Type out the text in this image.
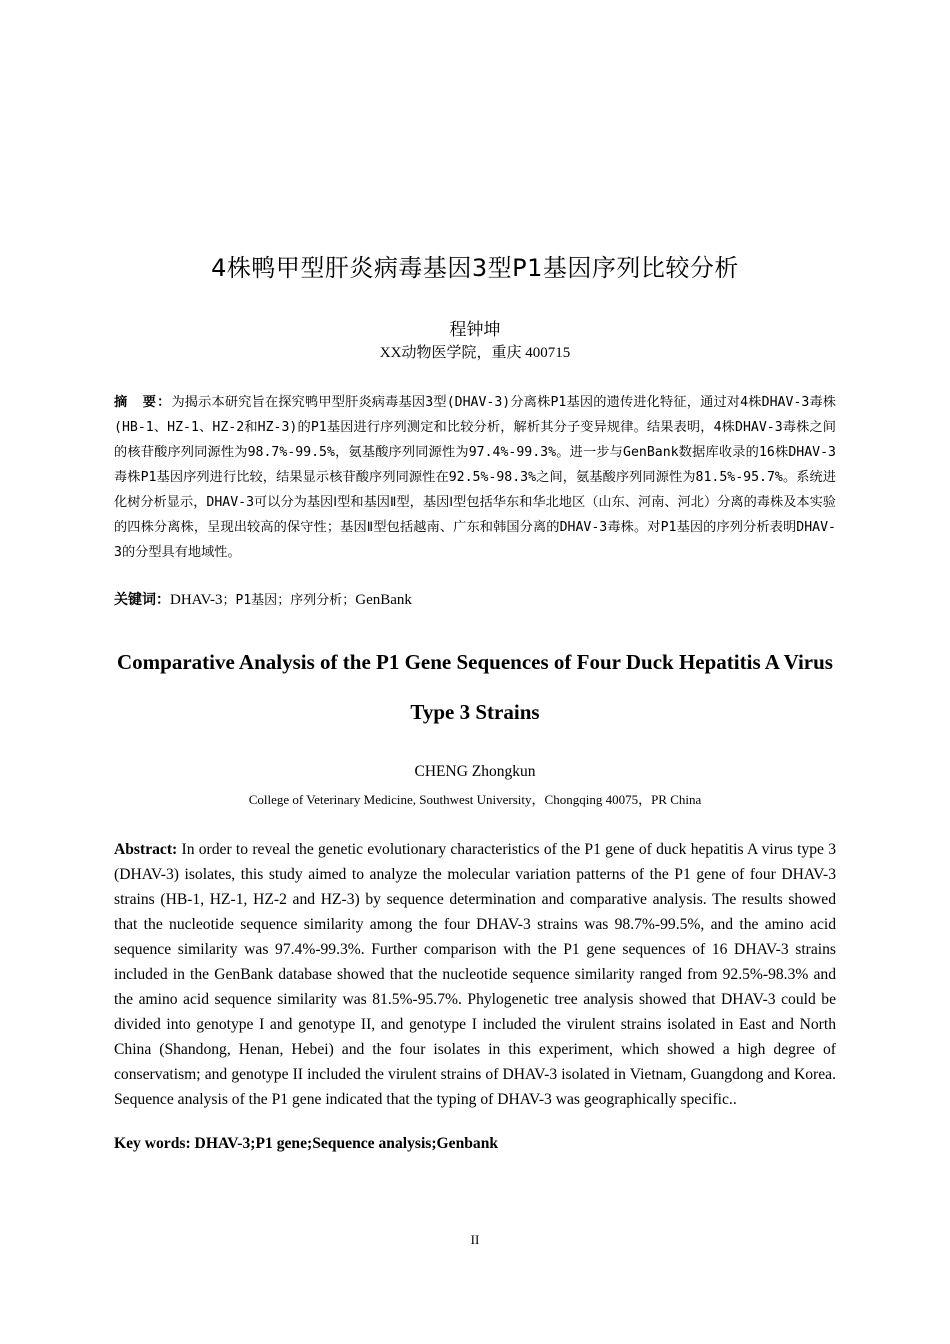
4株鸭甲型肝炎病毒基因3型P1基因序列比较分析
程钟坤
XX动物医学院，重庆 400715
摘　要：为揭示本研究旨在探究鸭甲型肝炎病毒基因3型(DHAV-3)分离株P1基因的遗传进化特征，通过对4株DHAV-3毒株(HB-1、HZ-1、HZ-2和HZ-3)的P1基因进行序列测定和比较分析，解析其分子变异规律。结果表明，4株DHAV-3毒株之间的核苷酸序列同源性为98.7%-99.5%，氨基酸序列同源性为97.4%-99.3%。进一步与GenBank数据库收录的16株DHAV-3毒株P1基因序列进行比较，结果显示核苷酸序列同源性在92.5%-98.3%之间，氨基酸序列同源性为81.5%-95.7%。系统进化树分析显示，DHAV-3可以分为基因Ⅰ型和基因Ⅱ型，基因Ⅰ型包括华东和华北地区（山东、河南、河北）分离的毒株及本实验的四株分离株，呈现出较高的保守性；基因Ⅱ型包括越南、广东和韩国分离的DHAV-3毒株。对P1基因的序列分析表明DHAV-3的分型具有地域性。
关键词：DHAV-3；P1基因；序列分析；GenBank
Comparative Analysis of the P1 Gene Sequences of Four Duck Hepatitis A Virus Type 3 Strains
CHENG Zhongkun
College of Veterinary Medicine, Southwest University，Chongqing 40075，PR China
Abstract: In order to reveal the genetic evolutionary characteristics of the P1 gene of duck hepatitis A virus type 3 (DHAV-3) isolates, this study aimed to analyze the molecular variation patterns of the P1 gene of four DHAV-3 strains (HB-1, HZ-1, HZ-2 and HZ-3) by sequence determination and comparative analysis. The results showed that the nucleotide sequence similarity among the four DHAV-3 strains was 98.7%-99.5%, and the amino acid sequence similarity was 97.4%-99.3%. Further comparison with the P1 gene sequences of 16 DHAV-3 strains included in the GenBank database showed that the nucleotide sequence similarity ranged from 92.5%-98.3% and the amino acid sequence similarity was 81.5%-95.7%. Phylogenetic tree analysis showed that DHAV-3 could be divided into genotype I and genotype II, and genotype I included the virulent strains isolated in East and North China (Shandong, Henan, Hebei) and the four isolates in this experiment, which showed a high degree of conservatism; and genotype II included the virulent strains of DHAV-3 isolated in Vietnam, Guangdong and Korea. Sequence analysis of the P1 gene indicated that the typing of DHAV-3 was geographically specific..
Key words: DHAV-3;P1 gene;Sequence analysis;Genbank
II
